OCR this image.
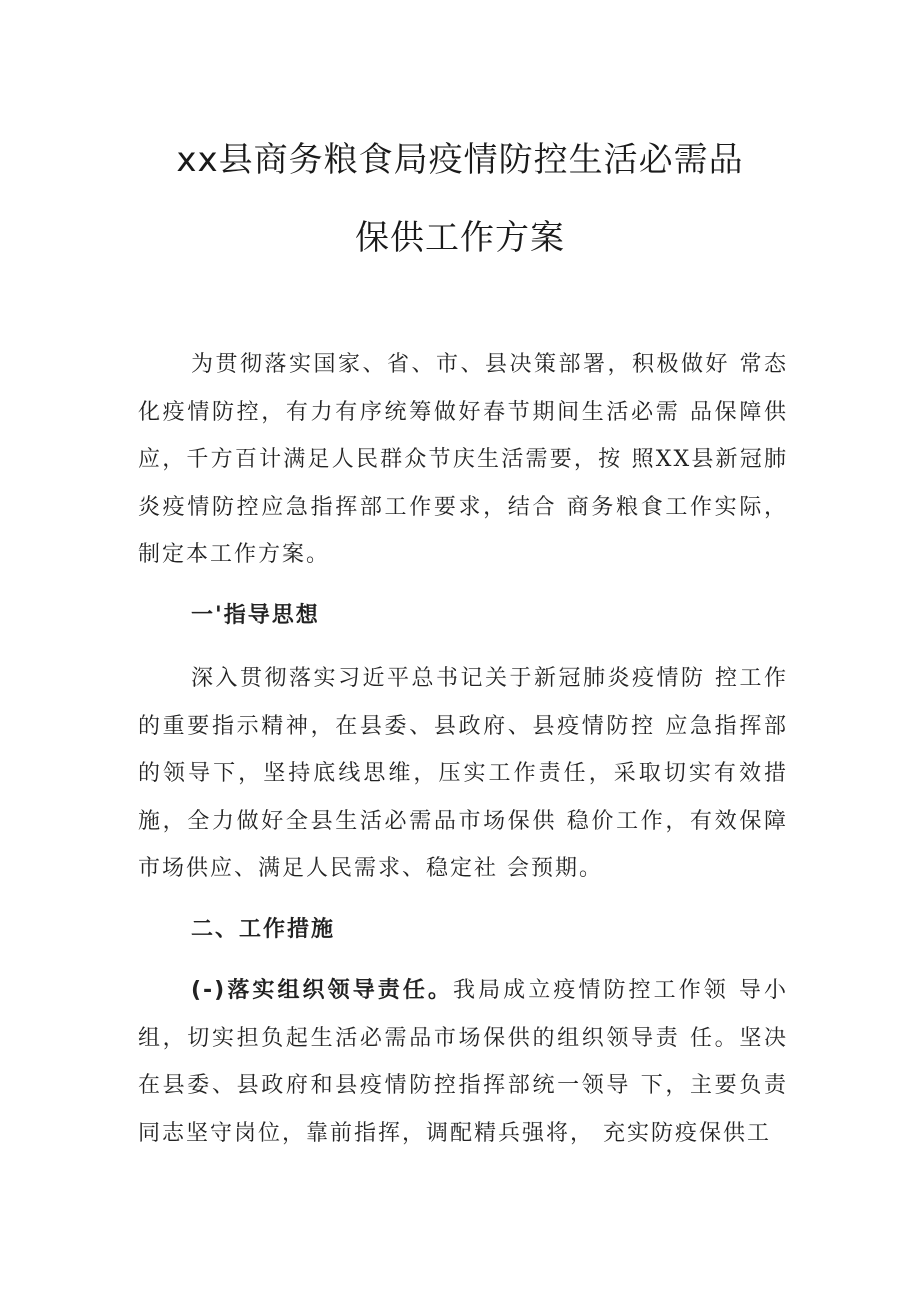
xx县商务粮食局疫情防控生活必需品
保供工作方案

为贯彻落实国家、省、市、县决策部署，积极做好 常态化疫情防控，有力有序统筹做好春节期间生活必需 品保障供应，千方百计满足人民群众节庆生活需要，按 照XX县新冠肺炎疫情防控应急指挥部工作要求，结合 商务粮食工作实际，制定本工作方案。

一'指导思想

深入贯彻落实习近平总书记关于新冠肺炎疫情防 控工作的重要指示精神，在县委、县政府、县疫情防控 应急指挥部的领导下，坚持底线思维，压实工作责任，采取切实有效措施，全力做好全县生活必需品市场保供 稳价工作，有效保障市场供应、满足人民需求、稳定社 会预期。

二、工作措施

(-)落实组织领导责任。我局成立疫情防控工作领 导小组，切实担负起生活必需品市场保供的组织领导责 任。坚决在县委、县政府和县疫情防控指挥部统一领导 下，主要负责同志坚守岗位，靠前指挥，调配精兵强将， 充实防疫保供工
